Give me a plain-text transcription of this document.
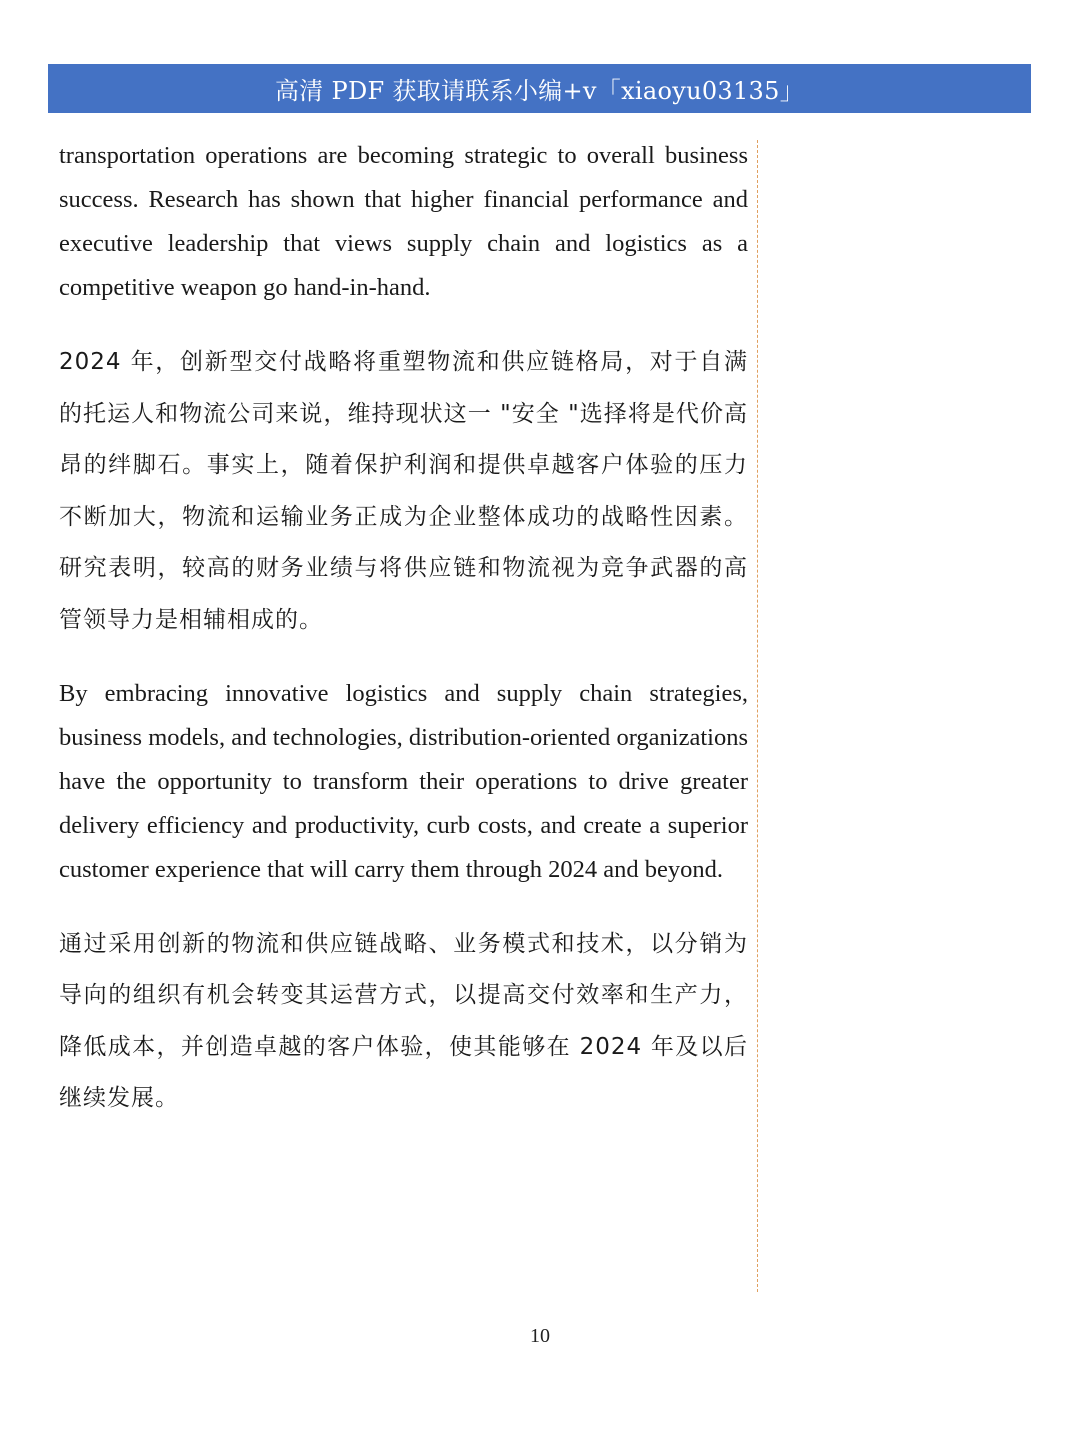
高清 PDF 获取请联系小编+v「xiaoyu03135」

transportation operations are becoming strategic to overall business success. Research has shown that higher financial performance and executive leadership that views supply chain and logistics as a competitive weapon go hand-in-hand.

2024 年，创新型交付战略将重塑物流和供应链格局，对于自满的托运人和物流公司来说，维持现状这一 "安全 "选择将是代价高昂的绊脚石。事实上，随着保护利润和提供卓越客户体验的压力不断加大，物流和运输业务正成为企业整体成功的战略性因素。研究表明，较高的财务业绩与将供应链和物流视为竞争武器的高管领导力是相辅相成的。

By embracing innovative logistics and supply chain strategies, business models, and technologies, distribution-oriented organizations have the opportunity to transform their operations to drive greater delivery efficiency and productivity, curb costs, and create a superior customer experience that will carry them through 2024 and beyond.

通过采用创新的物流和供应链战略、业务模式和技术，以分销为导向的组织有机会转变其运营方式，以提高交付效率和生产力，降低成本，并创造卓越的客户体验，使其能够在 2024 年及以后继续发展。

10
